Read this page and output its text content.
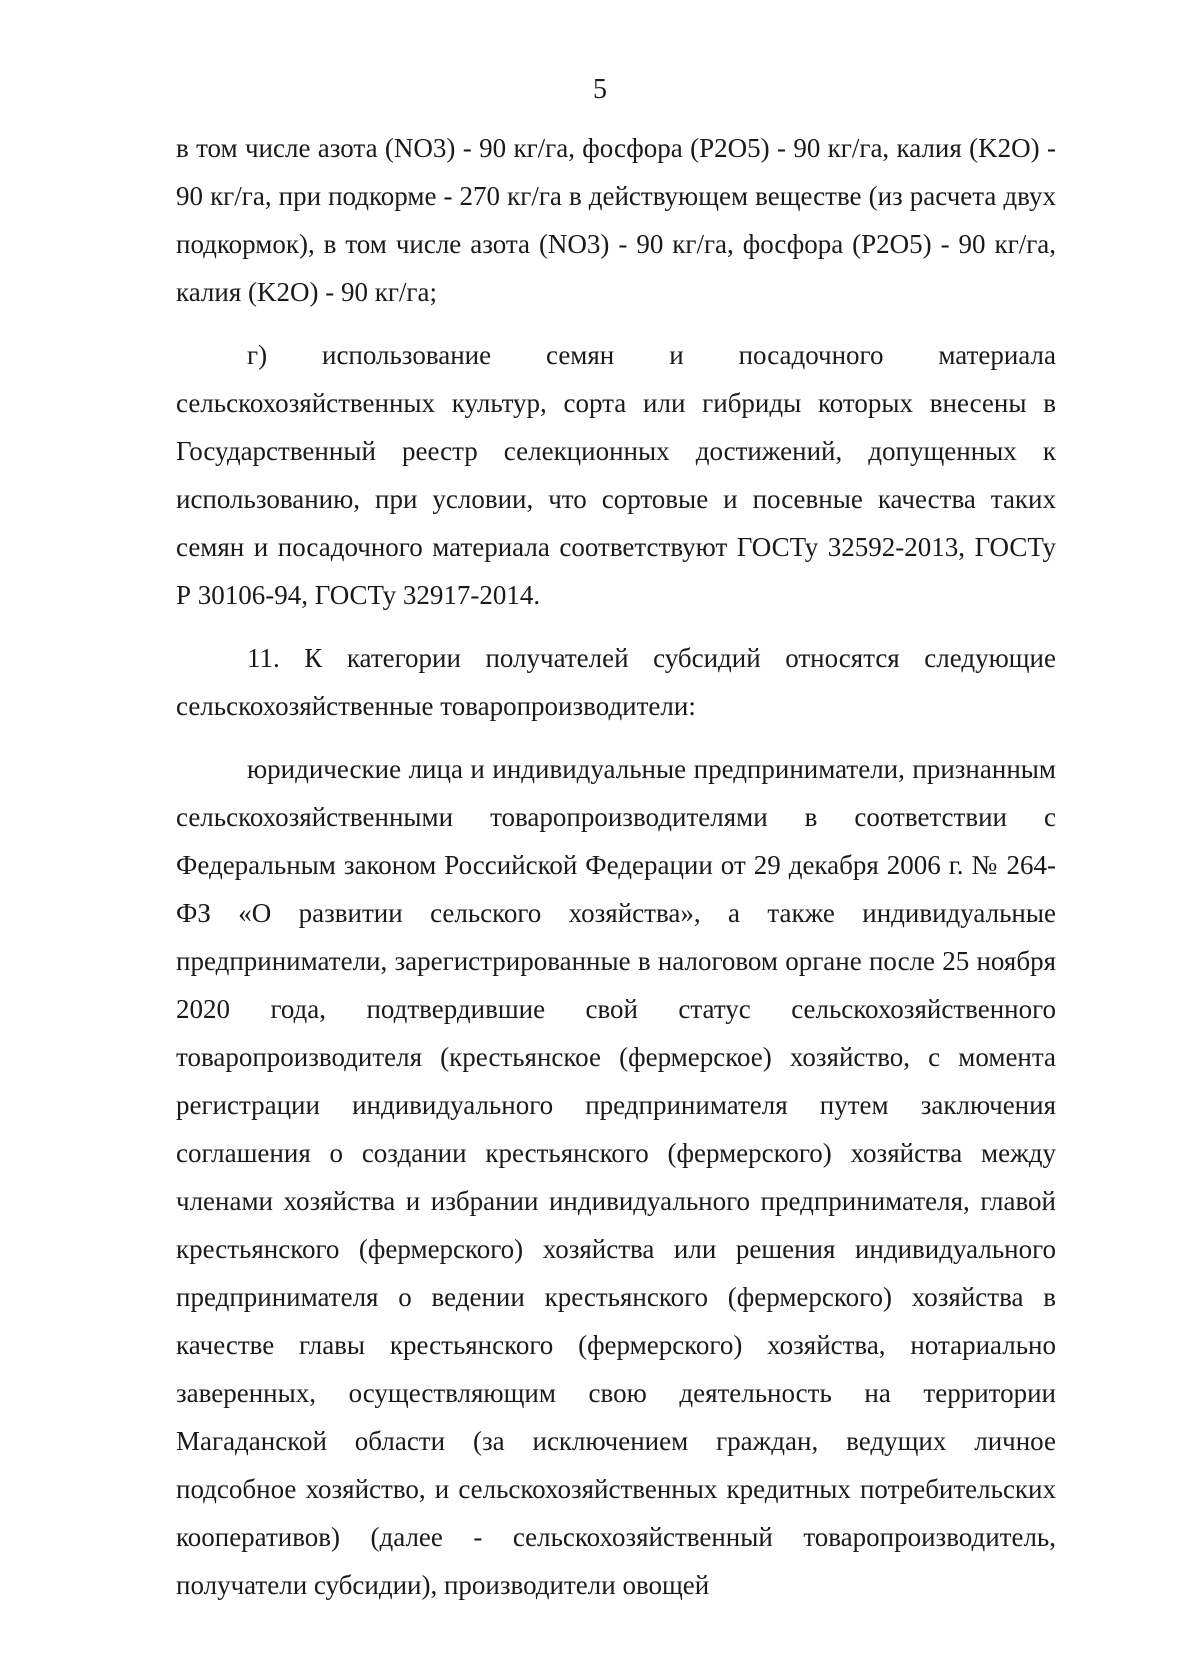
5

в том числе азота (NO3) - 90 кг/га, фосфора (P2O5) - 90 кг/га, калия (K2O) - 90 кг/га, при подкорме - 270 кг/га в действующем веществе (из расчета двух подкормок), в том числе азота (NO3) - 90 кг/га, фосфора (P2O5) - 90 кг/га, калия (K2O) - 90 кг/га;

г) использование семян и посадочного материала сельскохозяйственных культур, сорта или гибриды которых внесены в Государственный реестр селекционных достижений, допущенных к использованию, при условии, что сортовые и посевные качества таких семян и посадочного материала соответствуют ГОСТу 32592-2013, ГОСТу Р 30106-94, ГОСТу 32917-2014.

11. К категории получателей субсидий относятся следующие сельскохозяйственные товаропроизводители:

юридические лица и индивидуальные предприниматели, признанным сельскохозяйственными товаропроизводителями в соответствии с Федеральным законом Российской Федерации от 29 декабря 2006 г. № 264-ФЗ «О развитии сельского хозяйства», а также индивидуальные предприниматели, зарегистрированные в налоговом органе после 25 ноября 2020 года, подтвердившие свой статус сельскохозяйственного товаропроизводителя (крестьянское (фермерское) хозяйство, с момента регистрации индивидуального предпринимателя путем заключения соглашения о создании крестьянского (фермерского) хозяйства между членами хозяйства и избрании индивидуального предпринимателя, главой крестьянского (фермерского) хозяйства или решения индивидуального предпринимателя о ведении крестьянского (фермерского) хозяйства в качестве главы крестьянского (фермерского) хозяйства, нотариально заверенных, осуществляющим свою деятельность на территории Магаданской области (за исключением граждан, ведущих личное подсобное хозяйство, и сельскохозяйственных кредитных потребительских кооперативов) (далее - сельскохозяйственный товаропроизводитель, получатели субсидии), производители овощей
